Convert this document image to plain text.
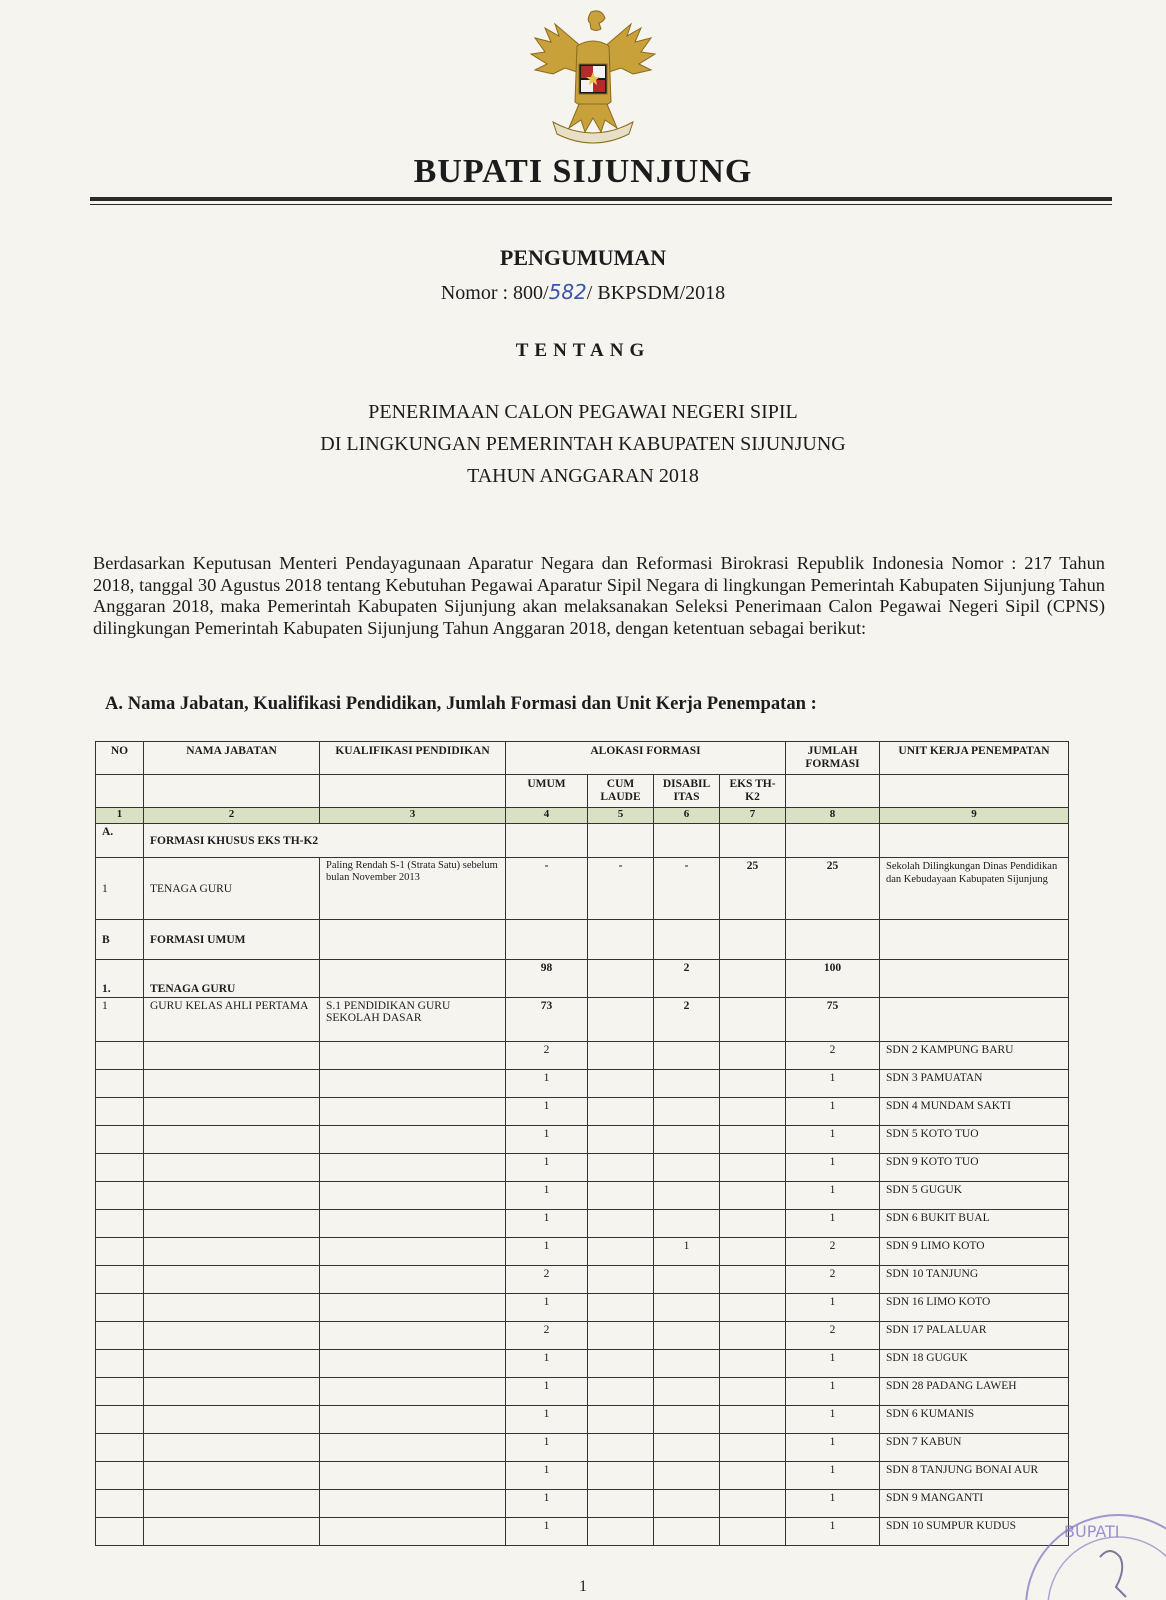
BUPATI SIJUNJUNG
PENGUMUMAN
Nomor : 800/582/ BKPSDM/2018
TENTANG
PENERIMAAN CALON PEGAWAI NEGERI SIPIL
DI LINGKUNGAN PEMERINTAH KABUPATEN SIJUNJUNG
TAHUN ANGGARAN 2018
Berdasarkan Keputusan Menteri Pendayagunaan Aparatur Negara dan Reformasi Birokrasi Republik Indonesia Nomor : 217 Tahun 2018, tanggal 30 Agustus 2018 tentang Kebutuhan Pegawai Aparatur Sipil Negara di lingkungan Pemerintah Kabupaten Sijunjung Tahun Anggaran 2018, maka Pemerintah Kabupaten Sijunjung akan melaksanakan Seleksi Penerimaan Calon Pegawai Negeri Sipil (CPNS) dilingkungan Pemerintah Kabupaten Sijunjung Tahun Anggaran 2018, dengan ketentuan sebagai berikut:
A. Nama Jabatan, Kualifikasi Pendidikan, Jumlah Formasi dan Unit Kerja Penempatan :
NO	NAMA JABATAN	KUALIFIKASI PENDIDIKAN	ALOKASI FORMASI				JUMLAH FORMASI	UNIT KERJA PENEMPATAN
			UMUM	CUM LAUDE	DISABIL ITAS	EKS TH- K2		
1	2	3	4	5	6	7	8	9
A.	FORMASI KHUSUS EKS TH-K2							
1	TENAGA GURU	Paling Rendah S-1 (Strata Satu) sebelum bulan November 2013	-	-	-	25	25	Sekolah Dilingkungan Dinas Pendidikan dan Kebudayaan Kabupaten Sijunjung
B	FORMASI UMUM							
1.	TENAGA GURU		98		2		100	
1	GURU KELAS AHLI PERTAMA	S.1 PENDIDIKAN GURU SEKOLAH DASAR	73		2		75	
			2				2	SDN 2 KAMPUNG BARU
			1				1	SDN 3 PAMUATAN
			1				1	SDN 4 MUNDAM SAKTI
			1				1	SDN 5 KOTO TUO
			1				1	SDN 9 KOTO TUO
			1				1	SDN 5 GUGUK
			1				1	SDN 6 BUKIT BUAL
			1		1		2	SDN 9 LIMO KOTO
			2				2	SDN 10 TANJUNG
			1				1	SDN 16 LIMO KOTO
			2				2	SDN 17 PALALUAR
			1				1	SDN 18 GUGUK
			1				1	SDN 28 PADANG LAWEH
			1				1	SDN 6 KUMANIS
			1				1	SDN 7 KABUN
			1				1	SDN 8 TANJUNG BONAI AUR
			1				1	SDN 9 MANGANTI
			1				1	SDN 10 SUMPUR KUDUS
1
BUPATI
